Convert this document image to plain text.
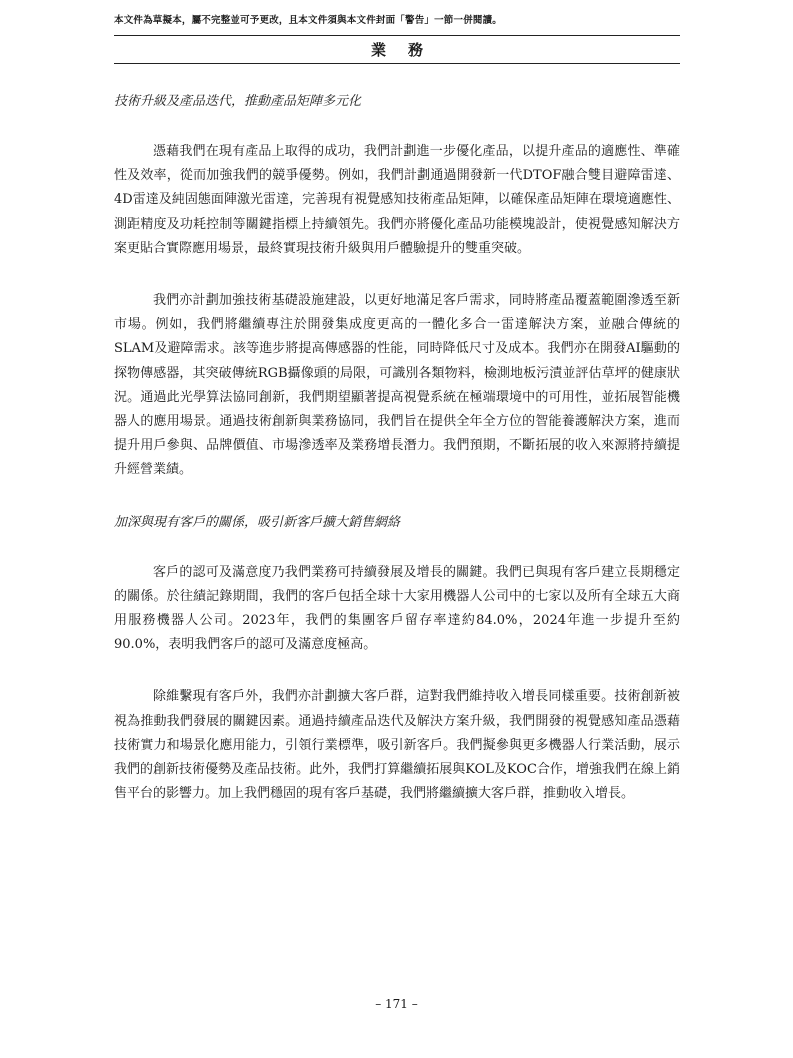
本文件為草擬本，屬不完整並可予更改，且本文件須與本文件封面「警告」一節一併閱讀。
業務
技術升級及產品迭代，推動產品矩陣多元化

憑藉我們在現有產品上取得的成功，我們計劃進一步優化產品，以提升產品的適應性、準確性及效率，從而加強我們的競爭優勢。例如，我們計劃通過開發新一代DTOF融合雙目避障雷達、4D雷達及純固態面陣激光雷達，完善現有視覺感知技術產品矩陣，以確保產品矩陣在環境適應性、測距精度及功耗控制等關鍵指標上持續領先。我們亦將優化產品功能模塊設計，使視覺感知解決方案更貼合實際應用場景，最終實現技術升級與用戶體驗提升的雙重突破。

我們亦計劃加強技術基礎設施建設，以更好地滿足客戶需求，同時將產品覆蓋範圍滲透至新市場。例如，我們將繼續專注於開發集成度更高的一體化多合一雷達解決方案，並融合傳統的SLAM及避障需求。該等進步將提高傳感器的性能，同時降低尺寸及成本。我們亦在開發AI驅動的探物傳感器，其突破傳統RGB攝像頭的局限，可識別各類物料，檢測地板污漬並評估草坪的健康狀況。通過此光學算法協同創新，我們期望顯著提高視覺系統在極端環境中的可用性，並拓展智能機器人的應用場景。通過技術創新與業務協同，我們旨在提供全年全方位的智能養護解決方案，進而提升用戶參與、品牌價值、市場滲透率及業務增長潛力。我們預期，不斷拓展的收入來源將持續提升經營業績。

加深與現有客戶的關係，吸引新客戶擴大銷售網絡

客戶的認可及滿意度乃我們業務可持續發展及增長的關鍵。我們已與現有客戶建立長期穩定的關係。於往績記錄期間，我們的客戶包括全球十大家用機器人公司中的七家以及所有全球五大商用服務機器人公司。2023年，我們的集團客戶留存率達約84.0%，2024年進一步提升至約90.0%，表明我們客戶的認可及滿意度極高。

除維繫現有客戶外，我們亦計劃擴大客戶群，這對我們維持收入增長同樣重要。技術創新被視為推動我們發展的關鍵因素。通過持續產品迭代及解決方案升級，我們開發的視覺感知產品憑藉技術實力和場景化應用能力，引領行業標準，吸引新客戶。我們擬參與更多機器人行業活動，展示我們的創新技術優勢及產品技術。此外，我們打算繼續拓展與KOL及KOC合作，增強我們在線上銷售平台的影響力。加上我們穩固的現有客戶基礎，我們將繼續擴大客戶群，推動收入增長。

– 171 –
